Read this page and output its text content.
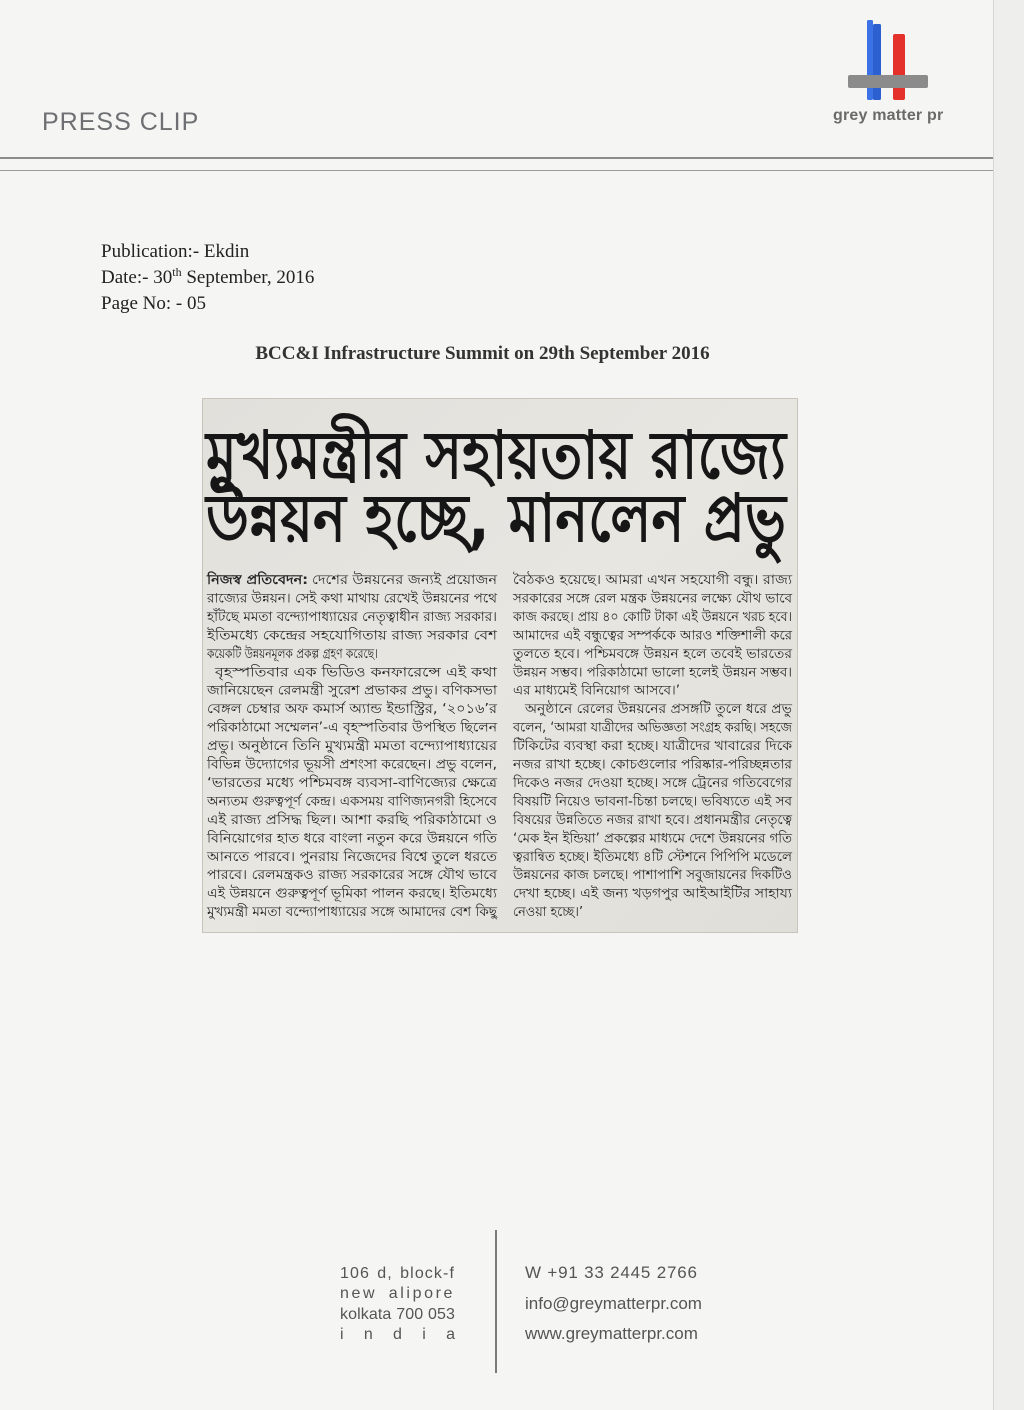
PRESS CLIP	grey matter pr
Publication:- Ekdin
Date:- 30th September, 2016
Page No: - 05
BCC&I Infrastructure Summit on 29th September 2016
মুখ্যমন্ত্রীর সহায়তায় রাজ্যে
উন্নয়ন হচ্ছে, মানলেন প্রভু
নিজস্ব প্রতিবেদন: দেশের উন্নয়নের জন্যই প্রয়োজন
রাজ্যের উন্নয়ন। সেই কথা মাথায় রেখেই উন্নয়নের পথে
হাঁটছে মমতা বন্দ্যোপাধ্যায়ের নেতৃত্বাধীন রাজ্য সরকার।
ইতিমধ্যে কেন্দ্রের সহযোগিতায় রাজ্য সরকার বেশ
কয়েকটি উন্নয়নমূলক প্রকল্প গ্রহণ করেছে।
বৃহস্পতিবার এক ভিডিও কনফারেন্সে এই কথা
জানিয়েছেন রেলমন্ত্রী সুরেশ প্রভাকর প্রভু। বণিকসভা
বেঙ্গল চেম্বার অফ কমার্স অ্যান্ড ইন্ডাস্ট্রির, ‘২০১৬’র
পরিকাঠামো সম্মেলন’-এ বৃহস্পতিবার উপস্থিত ছিলেন
প্রভু। অনুষ্ঠানে তিনি মুখ্যমন্ত্রী মমতা বন্দ্যোপাধ্যায়ের
বিভিন্ন উদ্যোগের ভূয়সী প্রশংসা করেছেন। প্রভু বলেন,
‘ভারতের মধ্যে পশ্চিমবঙ্গ ব্যবসা-বাণিজ্যের ক্ষেত্রে
অন্যতম গুরুত্বপূর্ণ কেন্দ্র। একসময় বাণিজ্যনগরী হিসেবে
এই রাজ্য প্রসিদ্ধ ছিল। আশা করছি পরিকাঠামো ও
বিনিয়োগের হাত ধরে বাংলা নতুন করে উন্নয়নে গতি
আনতে পারবে। পুনরায় নিজেদের বিশ্বে তুলে ধরতে
পারবে। রেলমন্ত্রকও রাজ্য সরকারের সঙ্গে যৌথ ভাবে
এই উন্নয়নে গুরুত্বপূর্ণ ভূমিকা পালন করছে। ইতিমধ্যে
মুখ্যমন্ত্রী মমতা বন্দ্যোপাধ্যায়ের সঙ্গে আমাদের বেশ কিছু
বৈঠকও হয়েছে। আমরা এখন সহযোগী বন্ধু। রাজ্য
সরকারের সঙ্গে রেল মন্ত্রক উন্নয়নের লক্ষ্যে যৌথ ভাবে
কাজ করছে। প্রায় ৪০ কোটি টাকা এই উন্নয়নে খরচ হবে।
আমাদের এই বন্ধুত্বের সম্পর্ককে আরও শক্তিশালী করে
তুলতে হবে। পশ্চিমবঙ্গে উন্নয়ন হলে তবেই ভারতের
উন্নয়ন সম্ভব। পরিকাঠামো ভালো হলেই উন্নয়ন সম্ভব।
এর মাধ্যমেই বিনিয়োগ আসবে।’
অনুষ্ঠানে রেলের উন্নয়নের প্রসঙ্গটি তুলে ধরে প্রভু
বলেন, ‘আমরা যাত্রীদের অভিজ্ঞতা সংগ্রহ করছি। সহজে
টিকিটের ব্যবস্থা করা হচ্ছে। যাত্রীদের খাবারের দিকে
নজর রাখা হচ্ছে। কোচগুলোর পরিষ্কার-পরিচ্ছন্নতার
দিকেও নজর দেওয়া হচ্ছে। সঙ্গে ট্রেনের গতিবেগের
বিষয়টি নিয়েও ভাবনা-চিন্তা চলছে। ভবিষ্যতে এই সব
বিষয়ের উন্নতিতে নজর রাখা হবে। প্রধানমন্ত্রীর নেতৃত্বে
‘মেক ইন ইন্ডিয়া’ প্রকল্পের মাধ্যমে দেশে উন্নয়নের গতি
ত্বরান্বিত হচ্ছে। ইতিমধ্যে ৪টি স্টেশনে পিপিপি মডেলে
উন্নয়নের কাজ চলছে। পাশাপাশি সবুজায়নের দিকটিও
দেখা হচ্ছে। এই জন্য খড়গপুর আইআইটির সাহায্য
নেওয়া হচ্ছে।’
106 d, block-f
new alipore
kolkata 700 053
i n d i a
W +91 33 2445 2766
info@greymatterpr.com
www.greymatterpr.com
